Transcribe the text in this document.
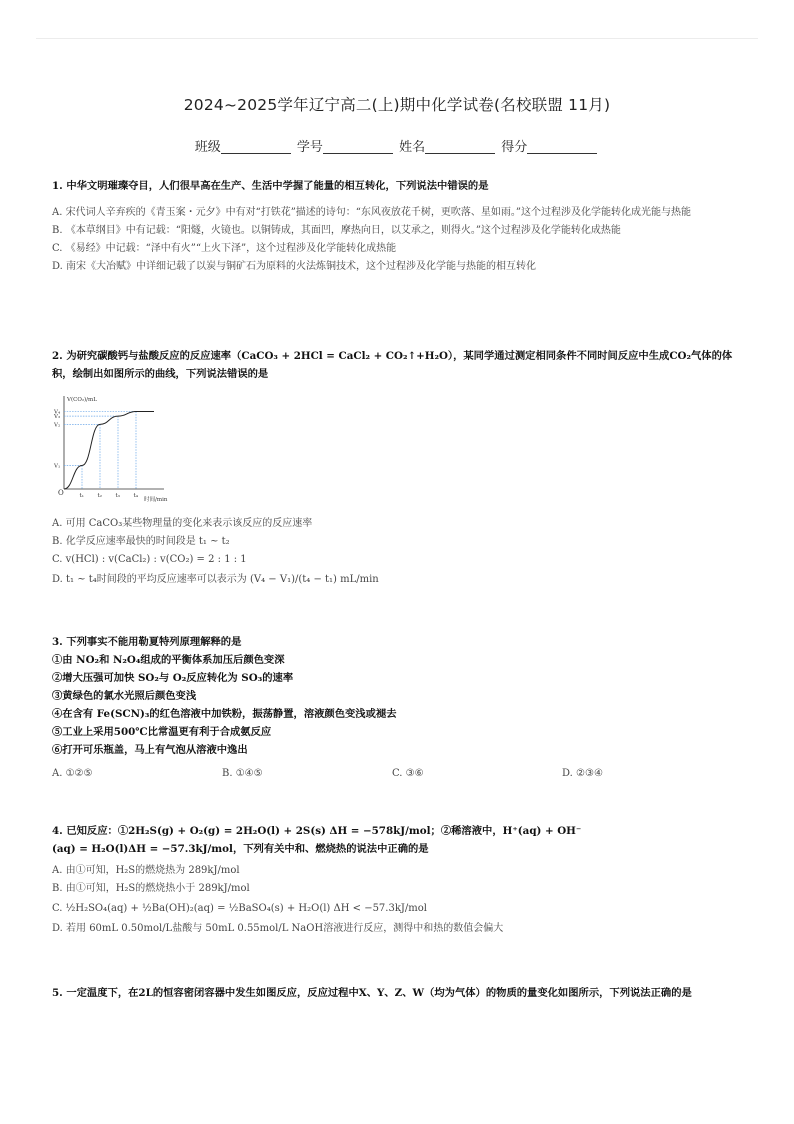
2024~2025学年辽宁高二(上)期中化学试卷(名校联盟 11月)
班级	学号	姓名	得分
1. 中华文明璀璨夺目，人们很早高在生产、生活中学握了能量的相互转化，下列说法中错误的是
A. 宋代词人辛弃疾的《青玉案・元夕》中有对“打铁花”描述的诗句：“东风夜放花千树，更吹落、星如雨。”这个过程涉及化学能转化成光能与热能
B. 《本草纲目》中有记载：“阳燧，火镜也。以铜铸成，其面凹，摩热向日，以艾承之，则得火。”这个过程涉及化学能转化成热能
C. 《易经》中记载：“泽中有火”“上火下泽”，这个过程涉及化学能转化成热能
D. 南宋《大冶赋》中详细记载了以炭与铜矿石为原料的火法炼铜技术，这个过程涉及化学能与热能的相互转化
2. 为研究碳酸钙与盐酸反应的反应速率（CaCO₃ + 2HCl = CaCl₂ + CO₂↑+H₂O），某同学通过测定相同条件不同时间反应中生成CO₂气体的体积，绘制出如图所示的曲线，下列说法错误的是
V(CO₂)/mL
时间/min
O	t₁ t₂ t₃ t₄
V₁
V₂
V₃
V₄
A. 可用 CaCO₃某些物理量的变化来表示该反应的反应速率
B. 化学反应速率最快的时间段是 t₁ ~ t₂
C. v(HCl) : v(CaCl₂) : v(CO₂) = 2 : 1 : 1
D. t₁ ~ t₄时间段的平均反应速率可以表示为 (V₄ − V₁)/(t₄ − t₁) mL/min
3. 下列事实不能用勒夏特列原理解释的是
①由 NO₂和 N₂O₄组成的平衡体系加压后颜色变深
②增大压强可加快 SO₂与 O₂反应转化为 SO₃的速率
③黄绿色的氯水光照后颜色变浅
④在含有 Fe(SCN)₃的红色溶液中加铁粉，振荡静置，溶液颜色变浅或褪去
⑤工业上采用500℃比常温更有利于合成氨反应
⑥打开可乐瓶盖，马上有气泡从溶液中逸出
A. ①②⑤	B. ①④⑤	C. ③⑥	D. ②③④
4. 已知反应：①2H₂S(g) + O₂(g) = 2H₂O(l) + 2S(s) ΔH = −578kJ/mol；②稀溶液中，H⁺(aq) + OH⁻
(aq) = H₂O(l)ΔH = −57.3kJ/mol，下列有关中和、燃烧热的说法中正确的是
A. 由①可知，H₂S的燃烧热为 289kJ/mol
B. 由①可知，H₂S的燃烧热小于 289kJ/mol
C. ½H₂SO₄(aq) + ½Ba(OH)₂(aq) = ½BaSO₄(s) + H₂O(l) ΔH < −57.3kJ/mol
D. 若用 60mL 0.50mol/L盐酸与 50mL 0.55mol/L NaOH溶液进行反应，测得中和热的数值会偏大
5. 一定温度下，在2L的恒容密闭容器中发生如图反应，反应过程中X、Y、Z、W（均为气体）的物质的量变化如图所示，下列说法正确的是
